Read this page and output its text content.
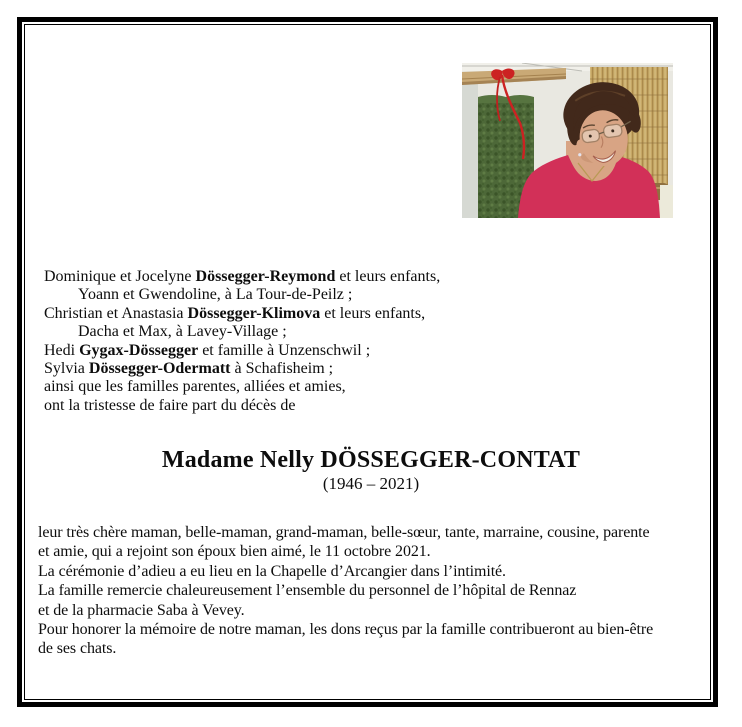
Dominique et Jocelyne Dössegger-Reymond et leurs enfants,
Yoann et Gwendoline, à La Tour-de-Peilz ;
Christian et Anastasia Dössegger-Klimova et leurs enfants,
Dacha et Max, à Lavey-Village ;
Hedi Gygax-Dössegger et famille à Unzenschwil ;
Sylvia Dössegger-Odermatt à Schafisheim ;
ainsi que les familles parentes, alliées et amies,
ont la tristesse de faire part du décès de
Madame Nelly DÖSSEGGER-CONTAT
(1946 – 2021)
leur très chère maman, belle-maman, grand-maman, belle-sœur, tante, marraine, cousine, parente
et amie, qui a rejoint son époux bien aimé, le 11 octobre 2021.
La cérémonie d’adieu a eu lieu en la Chapelle d’Arcangier dans l’intimité.
La famille remercie chaleureusement l’ensemble du personnel de l’hôpital de Rennaz
et de la pharmacie Saba à Vevey.
Pour honorer la mémoire de notre maman, les dons reçus par la famille contribueront au bien-être
de ses chats.
